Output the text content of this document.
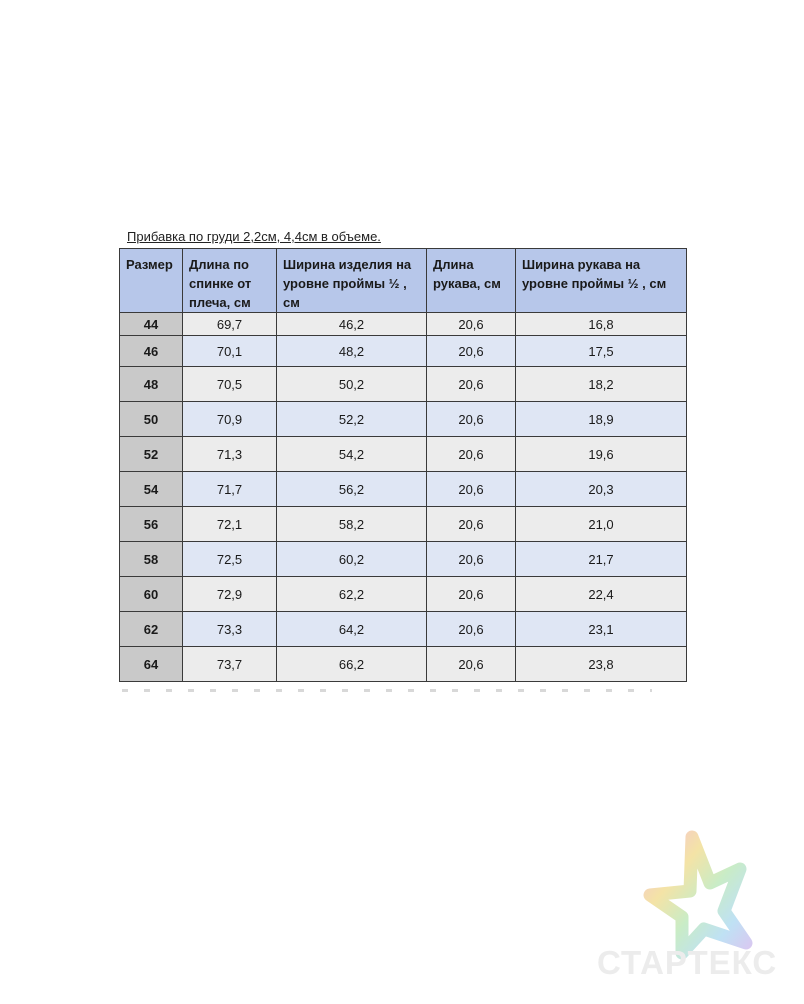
Прибавка по груди 2,2см, 4,4см в объеме.
Размер	Длина по спинке от плеча, см	Ширина изделия на уровне проймы ½ , см	Длина рукава, см	Ширина рукава на уровне проймы ½ , см
44	69,7	46,2	20,6	16,8
46	70,1	48,2	20,6	17,5
48	70,5	50,2	20,6	18,2
50	70,9	52,2	20,6	18,9
52	71,3	54,2	20,6	19,6
54	71,7	56,2	20,6	20,3
56	72,1	58,2	20,6	21,0
58	72,5	60,2	20,6	21,7
60	72,9	62,2	20,6	22,4
62	73,3	64,2	20,6	23,1
64	73,7	66,2	20,6	23,8
СТАРТЕКС
